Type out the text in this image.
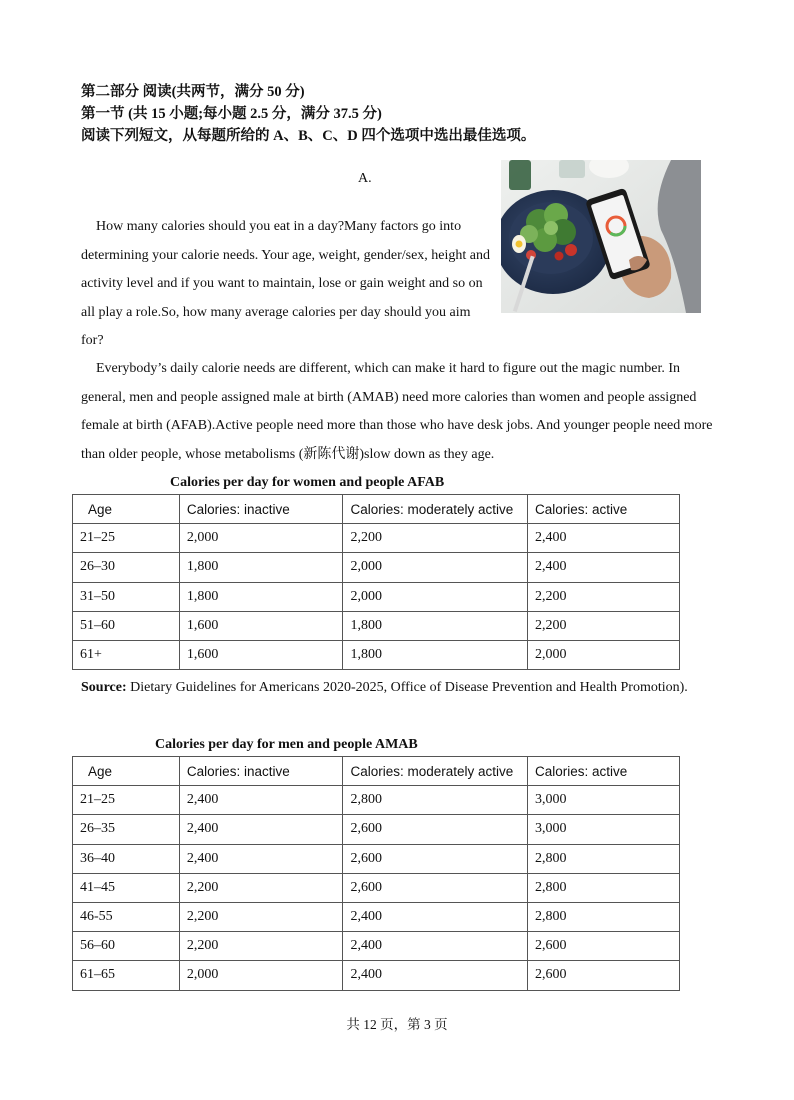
第二部分 阅读(共两节，满分 50 分)
第一节 (共 15 小题;每小题 2.5 分，满分 37.5 分)
阅读下列短文，从每题所给的 A、B、C、D 四个选项中选出最佳选项。
A.

How many calories should you eat in a day?Many factors go into determining your calorie needs. Your age, weight, gender/sex, height and activity level and if you want to maintain, lose or gain weight and so on all play a role.So, how many average calories per day should you aim for?

Everybody’s daily calorie needs are different, which can make it hard to figure out the magic number. In general, men and people assigned male at birth (AMAB) need more calories than women and people assigned female at birth (AFAB).Active people need more than those who have desk jobs. And younger people need more than older people, whose metabolisms (新陈代谢)slow down as they age.

Calories per day for women and people AFAB
Age	Calories: inactive	Calories: moderately active	Calories: active
21–25	2,000	2,200	2,400
26–30	1,800	2,000	2,400
31–50	1,800	2,000	2,200
51–60	1,600	1,800	2,200
61+	1,600	1,800	2,000
Source: Dietary Guidelines for Americans 2020-2025, Office of Disease Prevention and Health Promotion).
Calories per day for men and people AMAB
Age	Calories: inactive	Calories: moderately active	Calories: active
21–25	2,400	2,800	3,000
26–35	2,400	2,600	3,000
36–40	2,400	2,600	2,800
41–45	2,200	2,600	2,800
46-55	2,200	2,400	2,800
56–60	2,200	2,400	2,600
61–65	2,000	2,400	2,600
共 12 页，第 3 页
